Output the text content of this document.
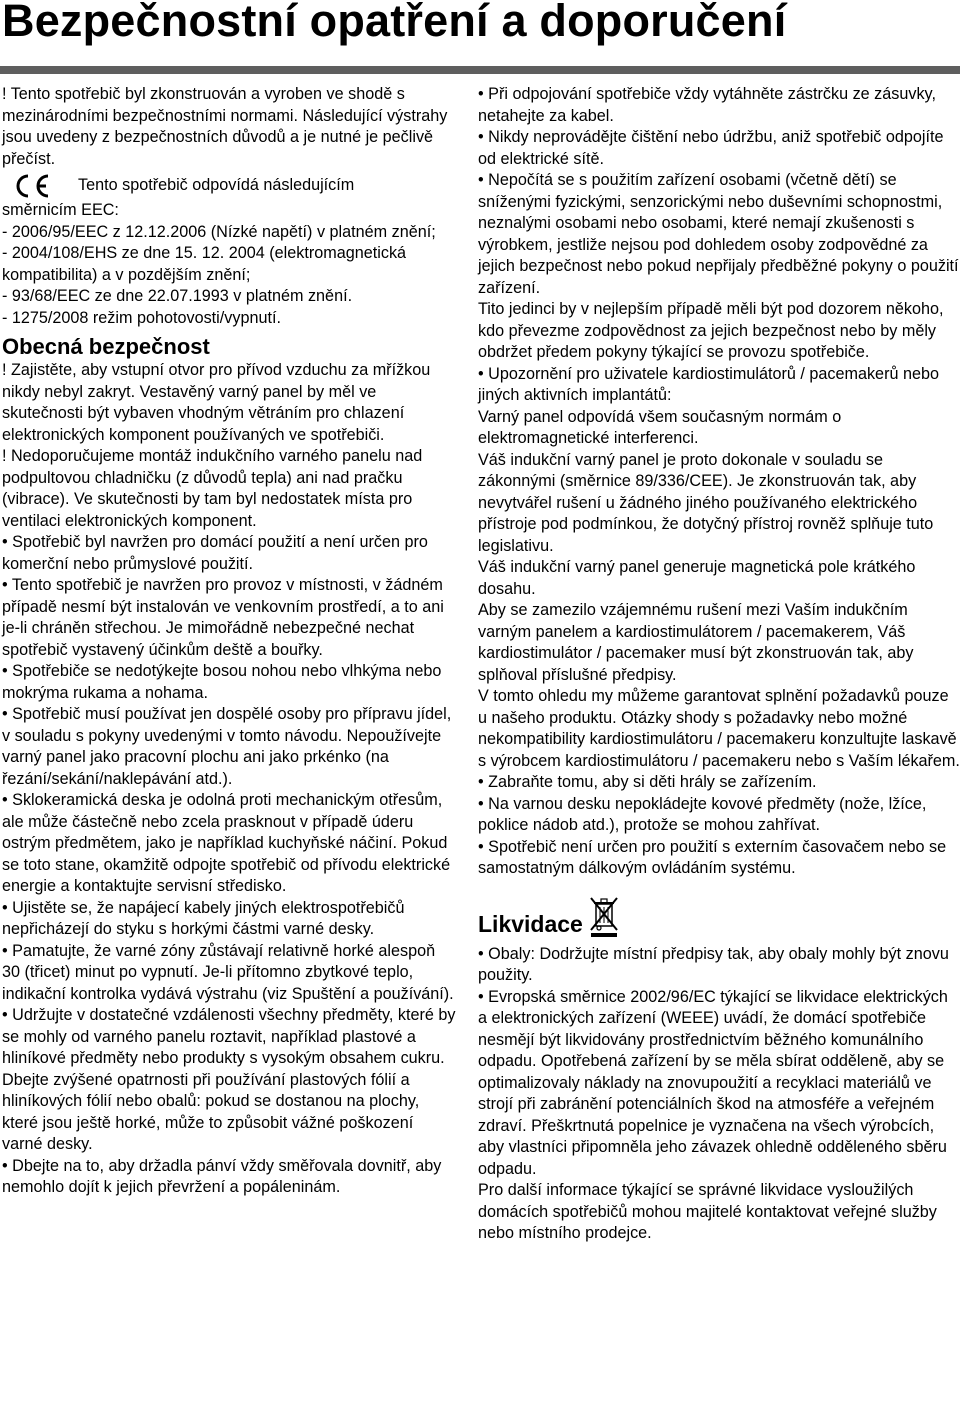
Bezpečnostní opatření a doporučení

! Tento spotřebič byl zkonstruován a vyroben ve shodě s mezinárodními bezpečnostními normami. Následující výstrahy jsou uvedeny z bezpečnostních důvodů a je nutné je pečlivě přečíst.

Tento spotřebič odpovídá následujícím

směrnicím EEC:

- 2006/95/EEC z 12.12.2006 (Nízké napětí) v platném znění;

- 2004/108/EHS ze dne 15. 12. 2004 (elektromagnetická kompatibilita) a v pozdějším znění;

- 93/68/EEC ze dne 22.07.1993 v platném znění.

- 1275/2008 režim pohotovosti/vypnutí.

Obecná bezpečnost

! Zajistěte, aby vstupní otvor pro přívod vzduchu za mřížkou nikdy nebyl zakryt. Vestavěný varný panel by měl ve skutečnosti být vybaven vhodným větráním pro chlazení elektronických komponent používaných ve spotřebiči.

! Nedoporučujeme montáž indukčního varného panelu nad podpultovou chladničku (z důvodů tepla) ani nad pračku (vibrace). Ve skutečnosti by tam byl nedostatek místa pro ventilaci elektronických komponent.

• Spotřebič byl navržen pro domácí použití a není určen pro komerční nebo průmyslové použití.

• Tento spotřebič je navržen pro provoz v místnosti, v žádném případě nesmí být instalován ve venkovním prostředí, a to ani je-li chráněn střechou. Je mimořádně nebezpečné nechat spotřebič vystavený účinkům deště a bouřky.

• Spotřebiče se nedotýkejte bosou nohou nebo vlhkýma nebo mokrýma rukama a nohama.

• Spotřebič musí používat jen dospělé osoby pro přípravu jídel, v souladu s pokyny uvedenými v tomto návodu. Nepoužívejte varný panel jako pracovní plochu ani jako prkénko (na řezání/sekání/naklepávání atd.).

• Sklokeramická deska je odolná proti mechanickým otřesům, ale může částečně nebo zcela prasknout v případě úderu ostrým předmětem, jako je například kuchyňské náčiní. Pokud se toto stane, okamžitě odpojte spotřebič od přívodu elektrické energie a kontaktujte servisní středisko.

• Ujistěte se, že napájecí kabely jiných elektrospotřebičů nepřicházejí do styku s horkými částmi varné desky.

• Pamatujte, že varné zóny zůstávají relativně horké alespoň 30 (třicet) minut po vypnutí. Je-li přítomno zbytkové teplo, indikační kontrolka vydává výstrahu (viz Spuštění a používání).

• Udržujte v dostatečné vzdálenosti všechny předměty, které by se mohly od varného panelu roztavit, například plastové a hliníkové předměty nebo produkty s vysokým obsahem cukru. Dbejte zvýšené opatrnosti při používání plastových fólií a hliníkových fólií nebo obalů: pokud se dostanou na plochy, které jsou ještě horké, může to způsobit vážné poškození varné desky.

• Dbejte na to, aby držadla pánví vždy směřovala dovnitř, aby nemohlo dojít k jejich převržení a popáleninám.

• Při odpojování spotřebiče vždy vytáhněte zástrčku ze zásuvky, netahejte za kabel.

• Nikdy neprovádějte čištění nebo údržbu, aniž spotřebič odpojíte od elektrické sítě.

• Nepočítá se s použitím zařízení osobami (včetně dětí) se sníženými fyzickými, senzorickými nebo duševními schopnostmi, neznalými osobami nebo osobami, které nemají zkušenosti s výrobkem, jestliže nejsou pod dohledem osoby zodpovědné za jejich bezpečnost nebo pokud nepřijaly předběžné pokyny o použití zařízení.

Tito jedinci by v nejlepším případě měli být pod dozorem někoho, kdo převezme zodpovědnost za jejich bezpečnost nebo by měly obdržet předem pokyny týkající se provozu spotřebiče.

• Upozornění pro uživatele kardiostimulátorů / pacemakerů nebo jiných aktivních implantátů:

Varný panel odpovídá všem současným normám o elektromagnetické interferenci.

Váš indukční varný panel je proto dokonale v souladu se zákonnými (směrnice 89/336/CEE). Je zkonstruován tak, aby nevytvářel rušení u žádného jiného používaného elektrického přístroje pod podmínkou, že dotyčný přístroj rovněž splňuje tuto legislativu.

Váš indukční varný panel generuje magnetická pole krátkého dosahu.

Aby se zamezilo vzájemnému rušení mezi Vaším indukčním varným panelem a kardiostimulátorem / pacemakerem, Váš kardiostimulátor / pacemaker musí být zkonstruován tak, aby splňoval příslušné předpisy.

V tomto ohledu my můžeme garantovat splnění požadavků pouze u našeho produktu. Otázky shody s požadavky nebo možné nekompatibility kardiostimulátoru / pacemakeru konzultujte laskavě s výrobcem kardiostimulátoru / pacemakeru nebo s Vaším lékařem.

• Zabraňte tomu, aby si děti hrály se zařízením.

• Na varnou desku nepokládejte kovové předměty (nože, lžíce, poklice nádob atd.), protože se mohou zahřívat.

• Spotřebič není určen pro použití s externím časovačem nebo se samostatným dálkovým ovládáním systému.

Likvidace

• Obaly: Dodržujte místní předpisy tak, aby obaly mohly být znovu použity.

• Evropská směrnice 2002/96/EC týkající se likvidace elektrických a elektronických zařízení (WEEE) uvádí, že domácí spotřebiče nesmějí být likvidovány prostřednictvím běžného komunálního odpadu. Opotřebená zařízení by se měla sbírat odděleně, aby se optimalizovaly náklady na znovupoužití a recyklaci materiálů ve strojí při zabránění potenciálních škod na atmosféře a veřejném zdraví. Přeškrtnutá popelnice je vyznačena na všech výrobcích, aby vlastníci připomněla jeho závazek ohledně odděleného sběru odpadu.

Pro další informace týkající se správné likvidace vysloužilých domácích spotřebičů mohou majitelé kontaktovat veřejné služby nebo místního prodejce.
